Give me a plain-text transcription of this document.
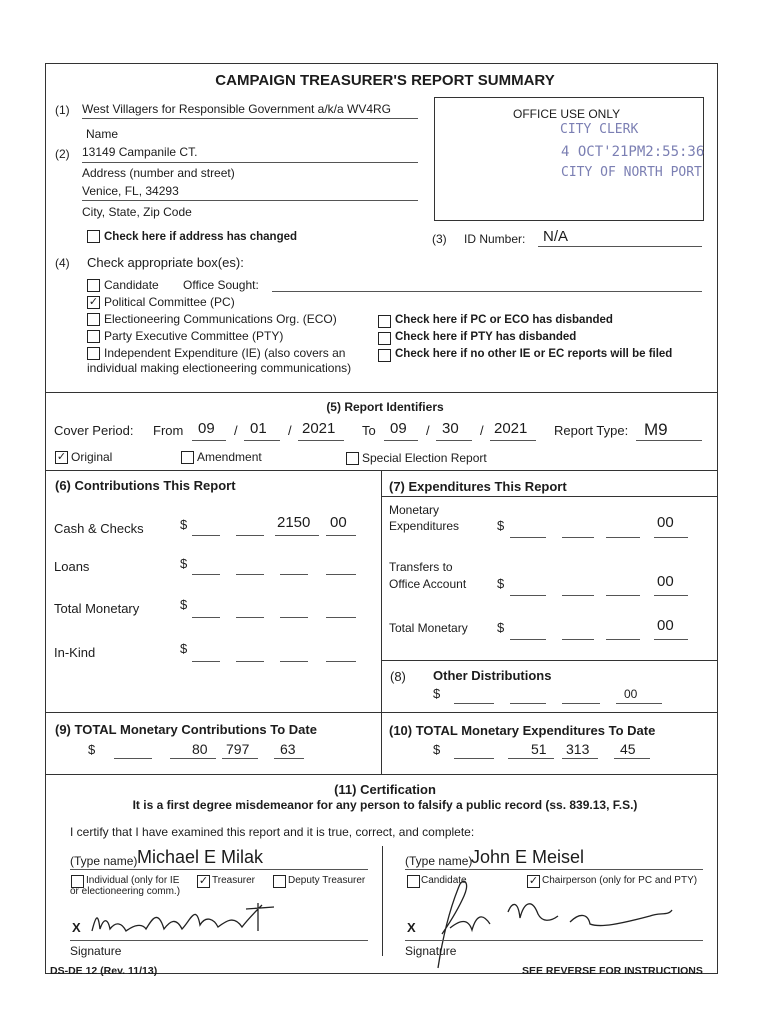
CAMPAIGN TREASURER'S REPORT SUMMARY
(1) West Villagers for Responsible Government a/k/a WV4RG
Name
(2) 13149 Campanile CT.
Address (number and street)
Venice, FL, 34293
City, State, Zip Code
Check here if address has changed
OFFICE USE ONLY
CITY CLERK
4 OCT'21PM2:55:36
CITY OF NORTH PORT
(3) ID Number: N/A
(4) Check appropriate box(es):
Candidate Office Sought:
✓ Political Committee (PC)
Electioneering Communications Org. (ECO)
Party Executive Committee (PTY)
Independent Expenditure (IE) (also covers an
individual making electioneering communications)
Check here if PC or ECO has disbanded
Check here if PTY has disbanded
Check here if no other IE or EC reports will be filed
(5) Report Identifiers
Cover Period: From 09 / 01 / 2021 To 09 / 30 / 2021 Report Type: M9
✓ Original	Amendment	Special Election Report
(6) Contributions This Report
Cash & Checks	$	2150 00
Loans	$
Total Monetary	$
In-Kind	$
(7) Expenditures This Report
Monetary
Expenditures	$	00
Transfers to
Office Account $	00
Total Monetary $	00
(8) Other Distributions
$	00
(9) TOTAL Monetary Contributions To Date
$	80 797 63
(10) TOTAL Monetary Expenditures To Date
$	51 313 45
(11) Certification
It is a first degree misdemeanor for any person to falsify a public record (ss. 839.13, F.S.)
I certify that I have examined this report and it is true, correct, and complete:
(Type name) Michael E Milak
Individual (only for IE
or electioneering comm.)
✓ Treasurer	Deputy Treasurer
X
Signature
(Type name)
John E Meisel
Candidate	✓ Chairperson (only for PC and PTY)
X
Signature
DS-DE 12 (Rev. 11/13)	SEE REVERSE FOR INSTRUCTIONS
